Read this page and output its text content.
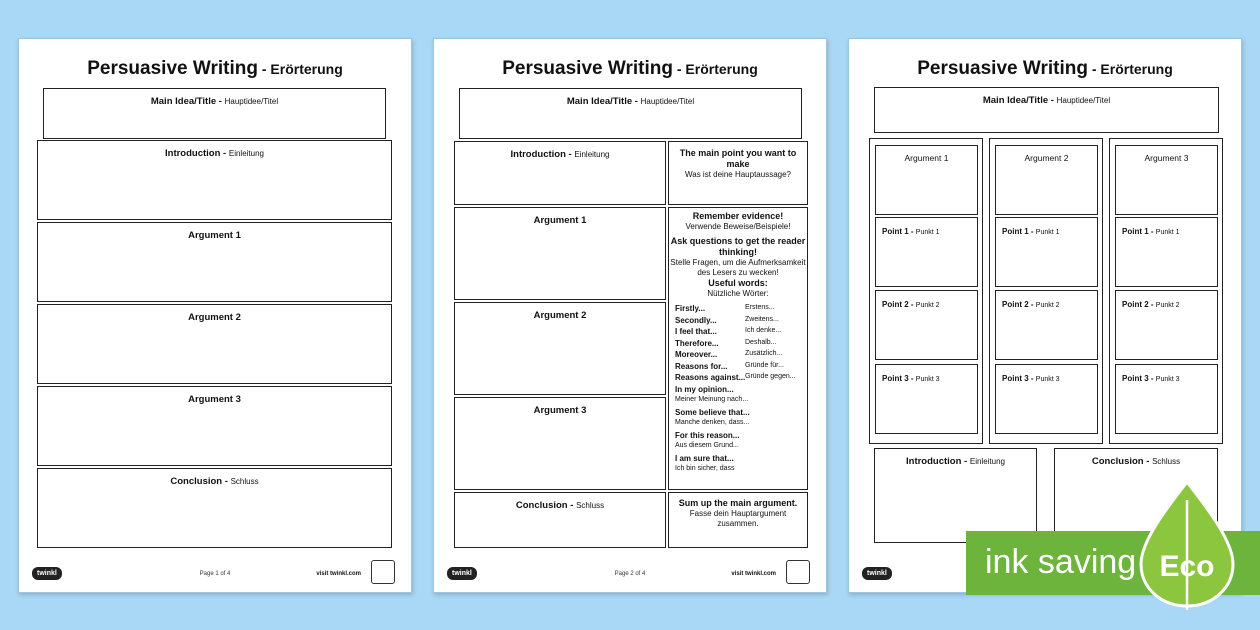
Persuasive Writing - Erörterung
Main Idea/Title - Hauptidee/Titel
Introduction - Einleitung
Argument 1
Argument 2
Argument 3
Conclusion - Schluss
twinkl	Page 1 of 4	visit twinkl.com
Persuasive Writing - Erörterung
Main Idea/Title - Hauptidee/Titel
Introduction - Einleitung
Argument 1
Argument 2
Argument 3
Conclusion - Schluss
The main point you want to make
Was ist deine Hauptaussage?
Remember evidence!
Verwende Beweise/Beispiele!
Ask questions to get the reader thinking!
Stelle Fragen, um die Aufmerksamkeit des Lesers zu wecken!
Useful words:
Nützliche Wörter:
Firstly...	Erstens...
Secondly...	Zweitens...
I feel that...	Ich denke...
Therefore...	Deshalb...
Moreover...	Zusätzlich...
Reasons for...	Gründe für...
Reasons against... Gründe gegen...
In my opinion...
Meiner Meinung nach...
Some believe that...
Manche denken, dass...
For this reason...
Aus diesem Grund...
I am sure that...
Ich bin sicher, dass
Sum up the main argument.
Fasse dein Hauptargument zusammen.
twinkl	Page 2 of 4	visit twinkl.com
Persuasive Writing - Erörterung
Main Idea/Title - Hauptidee/Titel
Argument 1
Point 1 - Punkt 1
Point 2 - Punkt 2
Point 3 - Punkt 3
Argument 2
Point 1 - Punkt 1
Point 2 - Punkt 2
Point 3 - Punkt 3
Argument 3
Point 1 - Punkt 1
Point 2 - Punkt 2
Point 3 - Punkt 3
Introduction - Einleitung	Conclusion - Schluss
twinkl	ink saving Eco
